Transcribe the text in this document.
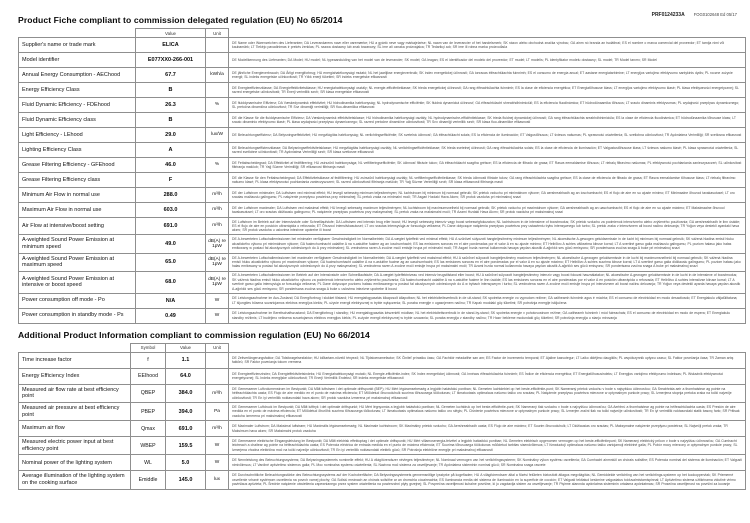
PRF0124233A FOG0102648 Ed 05/17
Product Fiche compliant to commission delegated regulation (EU) No 65/2014
	Value	Unit	
Supplier's name or trade mark	ELICA		DE Name oder Warenzeichen des Lieferanten; DA Leverandørens navn eller varemærke; HU a gyártó neve vagy márkajelzése; NL naam van de leverancier of het handelsmerk; SK názov alebo obchodná značka výrobcu; GA ainm nó branda an tsoláthraí; ES el nombre o marca comercial del proveedor; ET tarnija nimi või kaubamärk; LT Tiekėjo pavadinimas ir prekės ženklas; PL nazwa dostawcy lub znak towarowy; SL ime ali oznaka proizvajalca; TR Tedarikçi adı; SR ime ili robna marka proizvođača
Model identifier	E077XX0-266-001		DE Modellkennung des Lieferanten; DA Model; HU model; NL typeaanduiding van het model van de leverancier; SK model; GA leagan; ES el identificador del modelo del proveedor; ET mudel; LT modelis; PL identyfikator modelu dostawcy; SL model; TR Model tanımı; SR Model
Annual Energy Consumption - AEChood	67.7	kWh/a	DE jährliche Energieverbrauch; DA Årligt energiforbrug; HU energiahatékonysági mutató; NL het jaarlijkse energieverbruik; SK index energetickej účinnosti; GA ionracas éifeachtúlachta fuinnimh; ES el consumo de energía anual; ET aastane energiatarbimine; LT energijos vartojimo efektyvumo santykinis dydis; PL roczne zużycie energii; SL indeks energetske učinkovitosti; TR Yıllık enerji tüketimi; SR indeks energetske efikasnosti
Energy Efficiency Class	B		DE Energieeffizienzklasse; DA Energieffektivitetsklasse; HU energiahatékonysági osztály; NL energie-efficiëntieklasse; SK trieda energetickej účinnosti; GA rang éifeachtúlachta fuinnimh; ES la clase de eficiencia energética; ET Energiatõhususe klass; LT energijos vartojimo efektyvumo klasė; PL klasa efektywności energetycznej; SL razred energetske učinkovitosti; TR Enerji verimlilik sınıfı; SR klasa energetske efikasnosti
Fluid Dynamic Efficiency - FDEhood	26.3	%	DE fluiddynamische Effizienz; DA Væskedynamisk effektivitet; HU hidrodinamika hatékonyság; NL hydrodynamische efficiëntie; SK fluidná dynamická účinnosť; GA éifeachtúlacht shreabhdhinimiciúil; ES la eficiencia fluodinámica; ET hüdrodünaamika tõhusus; LT srauto dinaminis efektyvumas; PL wydajność przepływu dynamicznego; SL pretočna dinamična učinkovitost; TR Sıvı dinamiği verimliliği; SR fluo-dinamička efikasnost
Fluid Dynamic Efficiency class	B		DE die Klasse für die fluiddynamische Effizienz; DA Væskedynamisk effektivitetsklasse; HU hidrodinamika hatékonysági osztály; NL hydrodynamische-efficiëntieklasse; SK trieda fluidnej dynamickej účinnosti; GA rang éifeachtúlachta sreabhdhinimiciúla; ES la clase de eficiencia fluodinámica; ET hüdrodünaamika tõhususe klass; LT srauto dinaminio efektyvumo klasė; PL klasa wydajności przepływu dynamicznego; SL razred pretočne dinamične učinkovitosti; TR Sıvı dinamiği verimlilik sınıfı; SR klasa fluo-dinamičke efikasnosti
Light Efficiency - LEhood	29.0	lux/W	DE Beleuchtungseffizienz; DA Belysningseffektivitet; HU megvilágítás hatékonyság; NL verlichtingsefficiëntie; SK svetelná účinnosť; GA éifeachtúlacht solais; ES la eficiencia de iluminación; ET Valgustõhusus; LT šviesos našumas; PL sprawność oświetlenia; SL svetlobna učinkovitost; TR Aydınlatma Verimliliği; SR svetlosna efikasnost
Lighting Efficiency Class	A		DE Beleuchtungseffizienzklasse; DA Belysningseffektivitetsklasse; HU megvilágítás hatékonysági osztály; NL verlichtingsefficiëntieklasse; SK trieda svetelnej účinnosti; GA rang éifeachtúlachta solais; ES la clase de eficiencia de iluminación; ET Valgustustõhususe klass; LT šviesos našumo klasė; PL klasa sprawności oświetlenia; SL razred svetlobne učinkovitosti; TR Aydınlatma Verimliliği sınıfı; SR klasa svetlosne efikasnosti
Grease Filtering Efficiency - GFEhood	46.0	%	DE Fettabscheidegrad; DA Effektivitet af fedtfiltrering; HU zsírszűrő hatékonysága; NL vetfilteringsefficiëntie; SK účinnosť filtrácie tukov; GA éifeachtúlacht scagtha gréisce; ES la eficiencia de filtrado de grasa; ET Rasva eemaldamise tõhusus; LT riebalų filtravimo našumas; PL efektywność pochłaniania zanieczyszczeń; SL učinkovitost filtriranja maščob; TR Yağ Süzme Verimliliği; SR efikasnost filtriranja masti
Grease Filtering Efficiency class	F		DE die Klasse für den Fettabscheidegrad; DA Effektivitetsklasse af fedtfiltrering; HU zsírszűrő hatékonysági osztály; NL vetfilteringsefficiëntieklasse; SK trieda účinnosti filtrácie tukov; GA rang éifeachtúlachta scagtha gréisce; ES la clase de eficiencia de filtrado de grasa; ET Rasva eemaldamise tõhususe klass; LT riebalų filtravimo našumo klasė; PL klasa efektywności pochłaniania zanieczyszczeń; SL razred učinkovitosti filtriranja maščob; TR Yağ Süzme Verimliliği sınıfı; SR klasa efikasnosti filtriranja masti
Minimum Air Flow in normal use	288.0	m³/h	DE der Luftstrom minimaler; DA Luftstrøm ved minimal effekt; HU levegő sebesség minimum teljesítményen; NL luchtstroom bij minimum bij normaal gebruik; SK prietok vzduchu pri minimálnom výkone; GA aershreabhadh ag an íoschumhacht; ES el flujo de aire en su ajuste mínimo; ET Minimaalne õhuvool tavakasutusel; LT oro srautas mažiausiu galingumu; PL natężenie przepływu powietrza przy minimalnej; SL pretok zraka na minimalni moči; TR Asgari Hızdaki Hava Akımı; SR protok vazduha pri minimalnoj snazi
Maximum Air Flow in normal use	603.0	m³/h	DE der Luftstrom maximaler; DA Luftstrøm ved maksimal effekt; HU levegő sebesség maximum teljesítményen; NL luchtstroom bij maximumsnelheid bij normaal gebruik; SK prietok vzduchu pri maximálnom výkone; GA aershreabhadh ag an uaschumhacht; ES el flujo de aire en su ajuste máximo; ET Maksimaalne õhuvool tavakasutusel; LT oro srautas didžiausiu galingumu; PL natężenie przepływu powietrza przy maksymalnej; SL pretok zraka na maksimalni moči; TR Azami Hızdaki Hava Akımı; SR protok vazduha pri maksimalnoj snazi
Air Flow at intensive/boost setting	691.0	m³/h	DE Luftstrom im Betrieb auf der Intensivstufe oder Schnelllaufstufe; DA Luftstrøm ved intensiv brug eller boost; HU levegő sebesség intenzív vagy boost sebességfokozaton; NL luchtstroom in de intensieve of boostmodus; SK prietok vzduchu za podmienok intenzívneho alebo zvýšeného používania; GA aershreabhadh le linn úsáide; ES el flujo de aire en posición ultrarrápida o reforzada; ET Õhuvool intensiivkasutusel; LT oro srautas intensyviąja ar forsuotąja veiksena; PL Dane dotyczące natężenia przepływu powietrza przy ustawieniu trybu intensywnego lub turbo; SL pretok zraka v intenzivnem ali boost načinu delovanja; TR Yoğun veya destekli ayardaki hava akımı; SR protok vazduha u uslovima intezivne upotrebe ili boost
A-weighted Sound Power Emission at minimum speed	49.0	dB(A) re 1pW	DE A-bewerteten Luftschallemissionen bei minimaler verfügbarer Geschwindigkeit im Normalbetrieb; DA A-vægtet lydeffekt ved minimal effekt; HU A szűrővel súlyozott hangteljesítmény minimum teljesítményen; NL akoestische A-gewogen geluidsemissie in de lucht bij minimum bij normaal gebruik; SK vážená hladina emisií hluku akustického výkonu pri minimálnom výkone; GA fuaimchumhacht ualaithe A na n-astuithe fuaime ag an íoschumhacht; ES las emisiones sonoras en el aire ponderadas por el valor A en su ajuste mínimo; ET Helirõivo A suhtes väikseima kiiruse korral; LT A svertinė garso galia mažiausiu galingumu; PL poziom hałasu jako hałas emitowany w postaci fal akustycznych odniesionych do A przy minimalnej; SL vrednotena raven A zvočne moči emisije hrupa pri minimalni moči; TR Asgari hızda normal kullanımda havaya yayılan akustik A-ağırlıklı ses gücü emisyonu; SR ponderisana zvučna snaga A buke pri minimalnoj snazi
A-weighted Sound Power Emission at maximum speed	65.0	dB(A) re 1pW	DE A-bewerteten Luftschallemissionen bei maximaler verfügbarer Geschwindigkeit im Normalbetrieb; DA A-vægtet lydeffekt ved maksimal effekt; HU A szűrővel súlyozott hangteljesítmény maximum teljesítményen; NL akoestische A-gewogen geluidsemissie in de lucht bij maximumsnelheid bij normaal gebruik; SK vážená hladina emisií hluku akustického výkonu pri maximálnom výkone; GA fuaimchumhacht ualaithe A na n-astuithe fuaime ag an uaschumhacht; ES las emisiones sonoras en el aire ponderadas por el valor A en su ajuste máximo; ET Helirõivo A suhtes suurima kiiruse korral; LT A svertinė garso galia didžiausiu galingumu; PL poziom hałasu jako hałas emitowany w postaci fal akustycznych odniesionych do A przy maksymalnej; SL vrednotena raven A zvočne moči emisije hrupa pri maksimalni moči; TR Azami hızda normal kullanımda havaya yayılan akustik A-ağırlıklı ses gücü emisyonu; SR ponderisana zvučna snaga A buke pri maksimalnoj snazi
A-weighted Sound Power Emission at intensive or boost speed	68.0	dB(A) re 1pW	DE A-bewerteten Luftschallemissionen im Betrieb auf der Intensivstufe oder Schnelllaufstufe; DA A-vægtet lydeffektniveau ved intensiv brugstilstand eller boost; HU A szűrővel súlyozott hangteljesítmény intenzív vagy boost fokozat használatakor; NL akoestische A-gewogen geluidsemissie in de lucht in de intensieve of boostmodus; SK vážená hladina emisií hluku akustického výkonu za podmienok intenzívneho alebo zvýšeného používania; GA fuaimchumhacht ualaithe A na n-astuithe fuaime le linn úsáide; ES las emisiones sonoras en el aire ponderadas por el valor A en posición ultrarrápida o reforzada; ET Helirõivo A suhtes intensiivse kiiruse korral; LT A svertinė garso galia intensyviąja ar forsuotąja veiksena; PL Dane dotyczące poziomu hałasu emitowanego w postaci fal akustycznych odniesionych do A w trybach intensywnym i turbo; SL vrednotena raven A zvočne moči emisije hrupa pri intenzivnem ali boost načinu delovanja; TR Yoğun veya destekli ayarda havaya yayılan akustik A-ağırlıklı ses gücü emisyonu; SR ponderisana zvučna snaga A buke u uslovima intezivne upotrebe ili boost
Power consumption off mode - Po	N/A	W	DE Leistungsaufnahme im Aus-Zustand; DA Energiforbrug i slukket tilstand; HU energiafogyasztás kikapcsolt állapotban; NL het elektriciteitsverbruik in de uit-stand; SK spotreba energie vo vypnutom režime; GA caitheamh fuinnimh agus é múchta; ES el consumo de electricidad en modo desactivado; ET Energiakulu väljalülitatuna; LT išjungties būsena suvartojamos elektros energijos kiekis; PL użycie energii elektrycznej w trybie wyłączenia; SL poraba energije v ugasnjenem načinu; TR Kapalı moddaki güç tüketimi; SR potrošnja energije isključena
Power consumption in standby mode - Ps	0.49	W	DE Leistungsaufnahme im Bereitschaftszustand; DA Energiforbrug i standby; HU energiafogyasztás készenléti módban; NL het elektriciteitsverbruik in de stand-by-stand; SK spotreba energie v pohotovostnom režime; GA caitheamh fuinnimh i mód fuireachais; ES el consumo de electricidad en modo de espera; ET Energiakulu standby režiimis; LT budėjimo veiksena suvartojamos elektros energijos kiekis; PL zużycie energii elektrycznej w trybie czuwania; SL poraba energija v standby načinu; TR Hazır bekleme modundaki güç tüketimi; SR potrošnja energija u stanju mirovanja
Additional Product Information compliant to commission regulation (EU) No 66/2014
	Symbol	Value	Unit	
Time increase factor	f	1.1		DE Zeitverlängerungsfaktor; DA Tidsforøgelsesfaktor; HU időtartam-növelő tényező; NL Tijdstoenamefactor; SK Činiteľ prírastku času; GA Fachtóir méadaithe san am; ES Factor de incremento temporal; ET Ajaline kasvutegur; LT Laiko didėjimo daugiklis; PL współczynnik upływu czasu; SL Faktor povečanja časa; TR Zaman artış faktörü; SR Faktor povećanja tokom vremena
Energy Efficiency Index	EEIhood	64.0		DE Energieeffizienzindex; DA Energieffektivitetsindeks; HU Energiahatékonysági mutató; NL Energie-efficiëntie-index; SK Index energetickej účinnosti; GA Innéacs éifeachtúlachta fuinnimh; ES Índice de eficiencia energética; ET Energiatõhususindeks; LT Energijos vartojimo efektyvumo indeksas; PL Wskaźnik efektywności energetycznej; SL Indeks energijske učinkovitosti; TR Enerji Verimlilik Endeksi; SR indeks energetske efikasnosti
Measured air flow rate at best efficiency point	QBEP	384.0	m³/h	DE Gemessener Luftvolumenstrom im Bestpunkt; DA Målt luftstrøm i det optimale driftspunkt (BEP); HU Mért légáramsebesség a legjobb hatásfokú pontban; NL Gemeten luchtdebiet op het beste-efficiëntie-punt; SK Nameraný prietok vzduchu v bode s najvyššou účinnosťou; GA Sreabhráta aeir a thomhaistear ag pointe na héifeachtúlachta uasta; ES Flujo de aire medido en el punto de máxima eficiencia; ET Mõõdetud õhuvooluhulk suurima tõhususega töökolunas; LT Išmatuotasis optimalaus našumo taško oro srautas; PL Natężenie przepływu powietrza mierzone w optymalnym punkcie pracy; SL Izmerjena stopnja pretoka zraka na točki največje učinkovitosti; TR En iyi verimlilik noktasındaki hava akımı; SR protok vazduha izmerena pri maksimalnoj efikasnosti
Measured air pressure at best efficiency point	PBEP	394.0	Pa	DE Gemessener Luftdruck im Bestpunkt; DA Målt lufttryk i det optimale driftspunkt; HU Mért légnyomás a legjobb hatásfokú pontban; NL Gemeten luchtdruk op het beste-efficiëntie-punt; SK Nameraný tlak vzduchu v bode s najvyššou účinnosťou; GA Aerbhrú a thomhaistear ag pointe na héifeachtúlachta uasta; ES Presión de aire medida en el punto de máxima eficiencia; ET Mõõdetud õhurõhk suurima tõhususega töökolunas; LT Išmatuotasis optimalaus našumo taško oro slėgis; PL Ciśnienie powietrza mierzone w optymalnym punkcie pracy; SL Izmerjen zračni tlak na točki največje učinkovitosti; TR En iyi verimlilik noktasındaki statik basınç farkı; SR Pritisak vazduha izmerena pri maksimalnoj efikasnosti
Maximum air flow	Qmax	691.0	m³/h	DE Maximaler Luftstrom; DA Maksimal luftstrøm; HU Maximális légáramsebesség; NL Maximale luchtstroom; SK Maximálny prietok vzduchu; GA Aershreabhadh uasta; ES Flujo de aire máximo; ET Suurim õhuvooluhulk; LT Didžiausias oro srautas; PL Maksymalne natężenie przepływu powietrza; SL Največji pretok zraka; TR Maksimum hava akımı; SR Maksimalni protok vazduha
Measured electric power input at best efficiency point	WBEP	159.5	W	DE Gemessene elektrische Eingangsleistung im Bestpunkt; DA Målt elektrisk effektoptag i det optimale driftspunkt; HU Mért villamosenergia-felvétel a legjobb hatásfokú pontban; NL Gemeten elektrisch opgenomen vermogen op het beste-efficiëntiepunt; SK Nameraný elektrický príkon v bode s najvyššou účinnosťou; GA Cumhacht leictreach a chaitear ag pointe na héifeachtúlachta uasta; ES Potencia eléctrica de entrada medida en el punto de máxima eficiencia; ET Suurima tõhususega töökolunas mõõdetud tarbitav sisendvõimsus; LT Išmatuotoji optimalaus našumo taško vartojamoji elektrinė galia; PL Pobór mocy mierzony w optymalnym punkcie pracy; SL Izmerjena vhodna električna moč na točki največje učinkovitosti; TR En iyi verimlilik noktasındaki elektrik gücü; SR Potrošnja električne energije pri maksimalnoj efikasnosti
Nominal power of the lighting system	WL	5.0	W	DE Nennleistung des Beleuchtungssystems; DA Belysningssystemets nominelle effekt; HU A világítórendszer névleges teljesítménye; NL Nominaal vermogen van het verlichtingssysteem; SK Nominálny výkon systému osvetlenia; GA Cumhacht ainmniúil an chórais soilsithe; ES Potencia nominal del sistema de iluminación; ET Valgusti nimivõimsus; LT Vardinė apšvietimo sistemos galia; PL Moc nominalna systemu oświetlenia; SL Nazivna moč sistema za osvetljevanje; TR Aydınlatma sisteminin nominal gücü; SR Nominalna snaga rasvete
Average illumination of the lighting system on the cooking surface	Emiddle	145.0	lux	DE Durchschnittliche Beleuchtungsstärke des Beleuchtungssystems auf der Kochoberfläche; DA Belysningssystemets gennemsnitlige lysstyrke på kogefladen; HU A világítórendszer által a főzési felületen biztosított átlagos megvilágítás; NL Gemiddelde verlichting van het verlichtings-systeem op het kookoppervlak; SK Priemerné osvetlenie vrhané systémom osvetlenia na povrch varnej plochy; GA Soilsiú meánach an chórais soilsithe ar an dromchla cócaireachta; ES Iluminancia media del sistema de iluminación en la superficie de cocción; ET Valgusti tekitatud keskmine valgustatus toiduvalmistamispinnal; LT Apšvietimo sistema užtikrinama vidutinė virimo paviršiaus apšvieta; PL Średnie natężenie oświetlenia zapewnianego przez system oświetlenia na powierzchni płyty grzejnej; SL Povprečna osvetljenost kuhalne površine, ki jo zagotavlja sistem za osvetljevanje; TR Pişirme alanında aydınlatma sisteminin ortalama aydınlatması; SR Prosečna osvetljenost na površini za kuvanje
